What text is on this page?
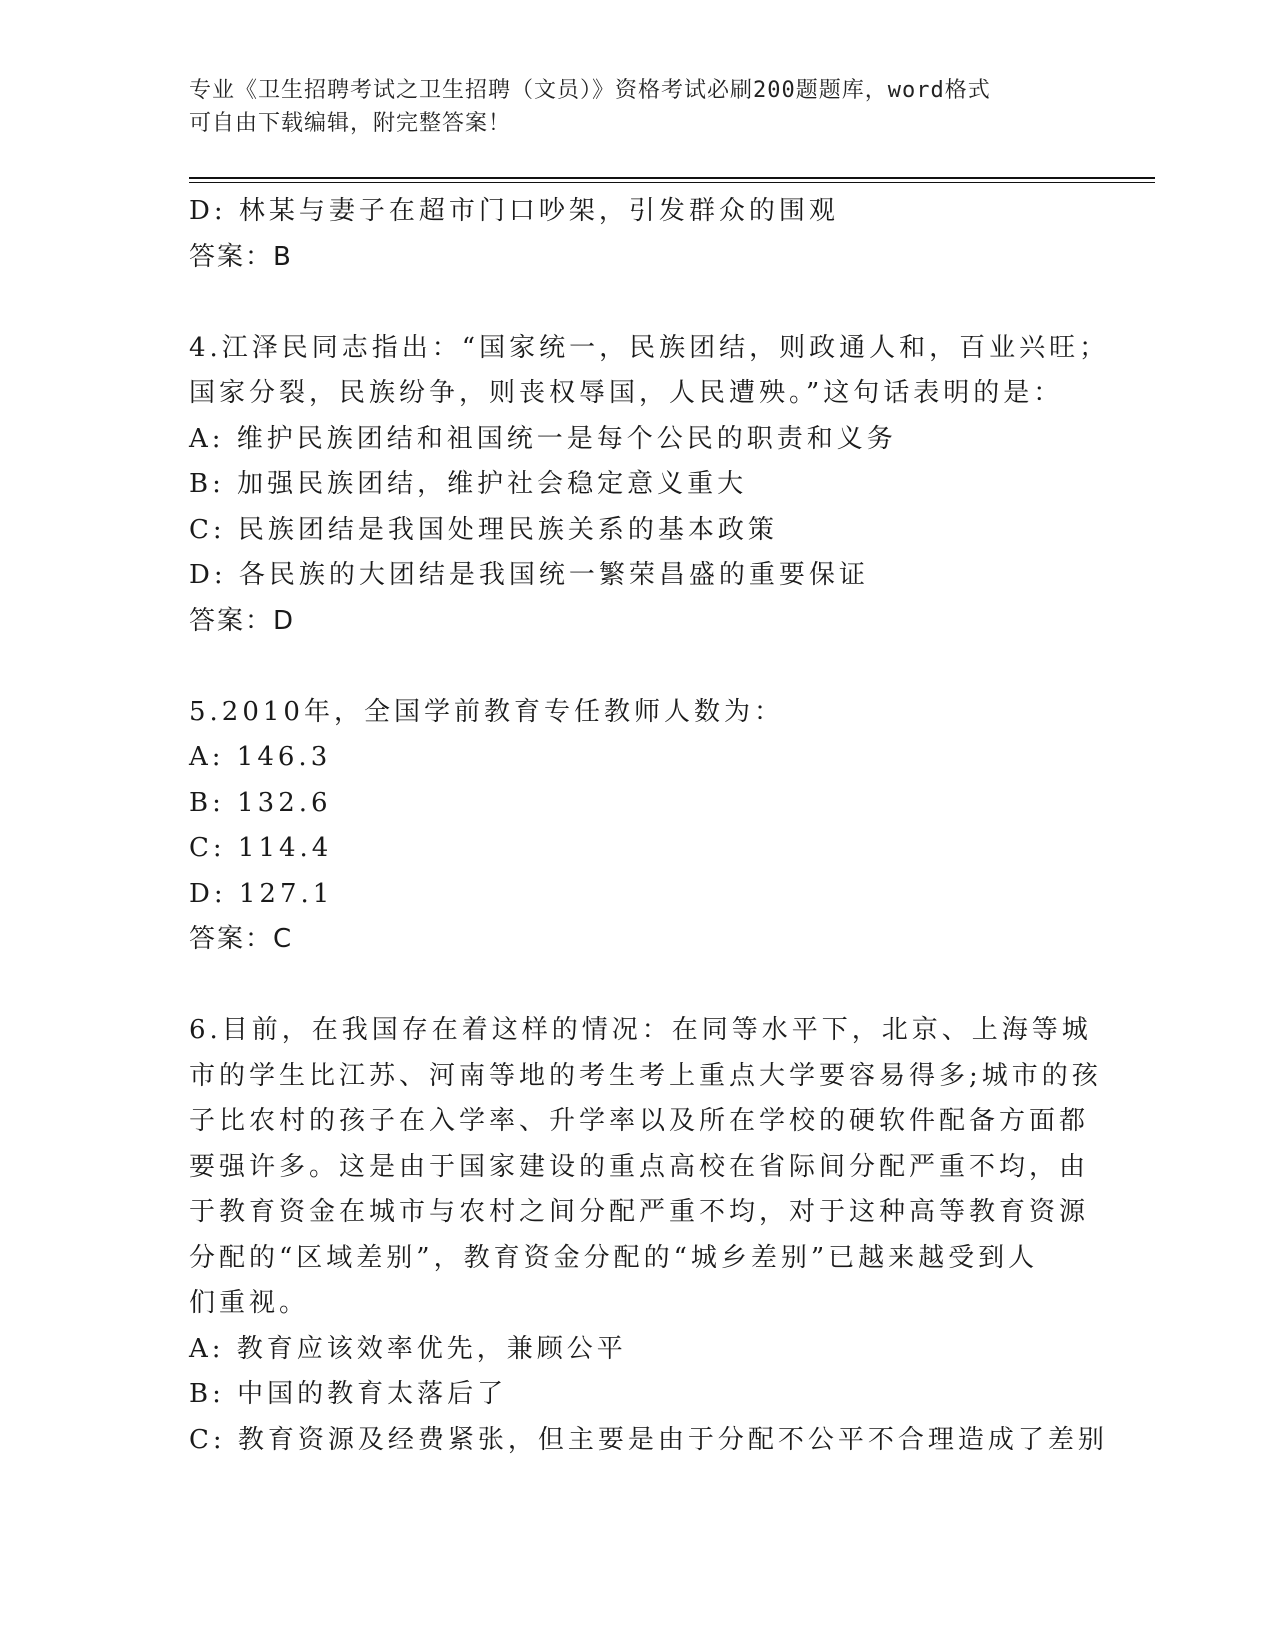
专业《卫生招聘考试之卫生招聘（文员）》资格考试必刷200题题库，word格式
可自由下载编辑，附完整答案！
D: 林某与妻子在超市门口吵架，引发群众的围观
答案：B
4.江泽民同志指出：“国家统一，民族团结，则政通人和，百业兴旺；
国家分裂，民族纷争，则丧权辱国，人民遭殃。”这句话表明的是：
A: 维护民族团结和祖国统一是每个公民的职责和义务
B: 加强民族团结，维护社会稳定意义重大
C: 民族团结是我国处理民族关系的基本政策
D: 各民族的大团结是我国统一繁荣昌盛的重要保证
答案：D
5.2010年，全国学前教育专任教师人数为：
A: 146.3
B: 132.6
C: 114.4
D: 127.1
答案：C
6.目前，在我国存在着这样的情况：在同等水平下，北京、上海等城
市的学生比江苏、河南等地的考生考上重点大学要容易得多;城市的孩
子比农村的孩子在入学率、升学率以及所在学校的硬软件配备方面都
要强许多。这是由于国家建设的重点高校在省际间分配严重不均，由
于教育资金在城市与农村之间分配严重不均，对于这种高等教育资源
分配的“区域差别”，教育资金分配的“城乡差别”已越来越受到人
们重视。
A: 教育应该效率优先，兼顾公平
B: 中国的教育太落后了
C: 教育资源及经费紧张，但主要是由于分配不公平不合理造成了差别
